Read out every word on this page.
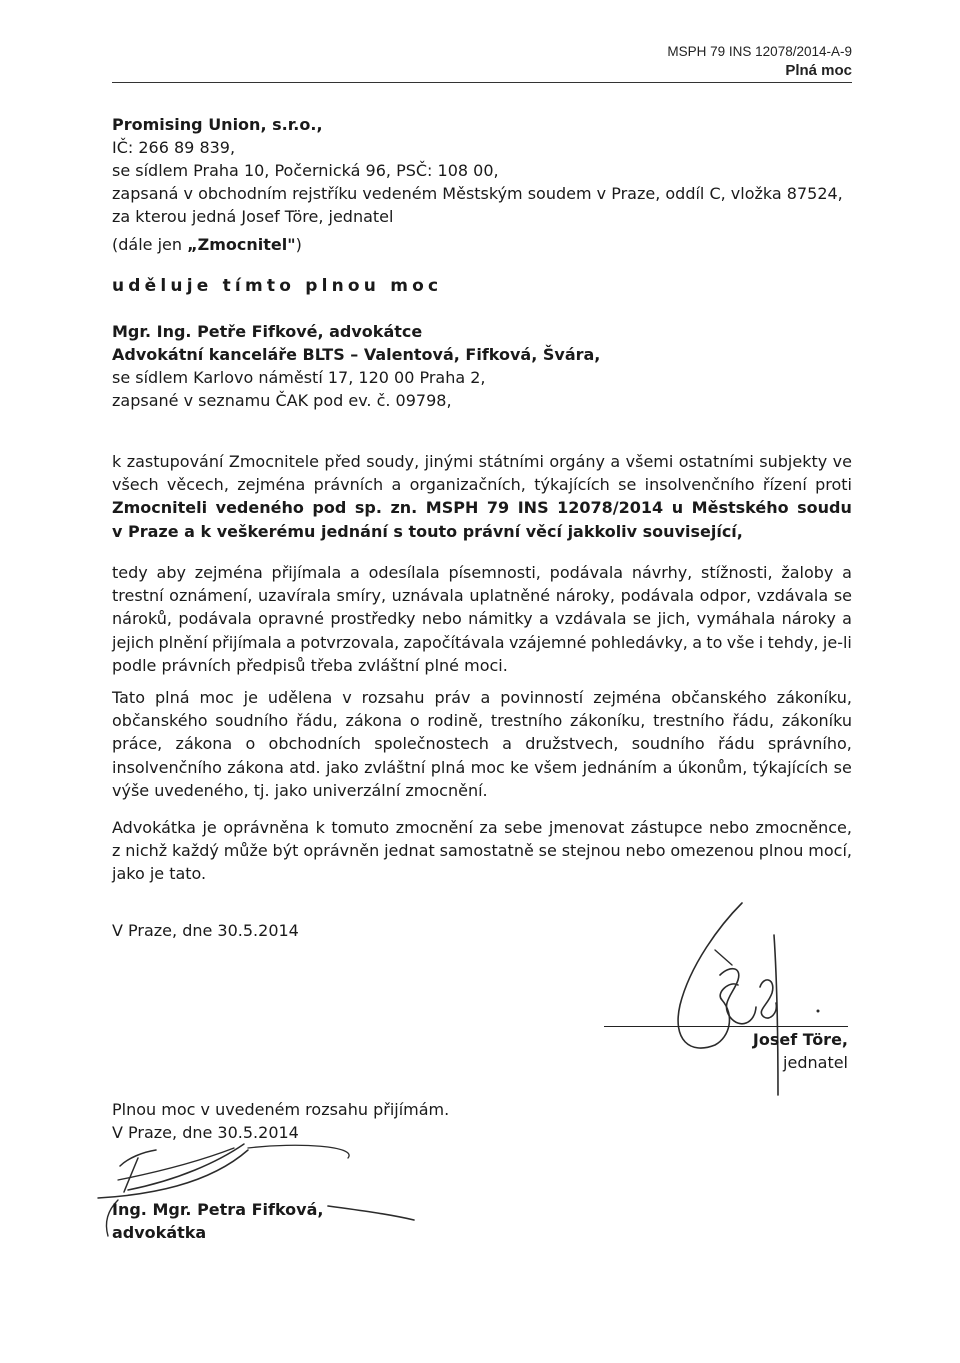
MSPH 79 INS 12078/2014-A-9
Plná moc
Promising Union, s.r.o.,
IČ: 266 89 839,
se sídlem Praha 10, Počernická 96, PSČ: 108 00,
zapsaná v obchodním rejstříku vedeném Městským soudem v Praze, oddíl C, vložka 87524,
za kterou jedná Josef Töre, jednatel
(dále jen „Zmocnitel")
uděluje tímto plnou moc
Mgr. Ing. Petře Fifkové, advokátce
Advokátní kanceláře BLTS – Valentová, Fifková, Švára,
se sídlem Karlovo náměstí 17, 120 00 Praha 2,
zapsané v seznamu ČAK pod ev. č. 09798,
k zastupování Zmocnitele před soudy, jinými státními orgány a všemi ostatními subjekty ve
všech věcech, zejména právních a organizačních, týkajících se insolvenčního řízení proti
Zmocniteli vedeného pod sp. zn. MSPH 79 INS 12078/2014 u Městského soudu
v Praze a k veškerému jednání s touto právní věcí jakkoliv související,
tedy aby zejména přijímala a odesílala písemnosti, podávala návrhy, stížnosti, žaloby a
trestní oznámení, uzavírala smíry, uznávala uplatněné nároky, podávala odpor, vzdávala se
nároků, podávala opravné prostředky nebo námitky a vzdávala se jich, vymáhala nároky a
jejich plnění přijímala a potvrzovala, započítávala vzájemné pohledávky, a to vše i tehdy, je-li
podle právních předpisů třeba zvláštní plné moci.
Tato plná moc je udělena v rozsahu práv a povinností zejména občanského zákoníku,
občanského soudního řádu, zákona o rodině, trestního zákoníku, trestního řádu, zákoníku
práce, zákona o obchodních společnostech a družstvech, soudního řádu správního,
insolvenčního zákona atd. jako zvláštní plná moc ke všem jednáním a úkonům, týkajících se
výše uvedeného, tj. jako univerzální zmocnění.
Advokátka je oprávněna k tomuto zmocnění za sebe jmenovat zástupce nebo zmocněnce,
z nichž každý může být oprávněn jednat samostatně se stejnou nebo omezenou plnou mocí,
jako je tato.
V Praze, dne 30.5.2014
Josef Töre,
jednatel
Plnou moc v uvedeném rozsahu přijímám.
V Praze, dne 30.5.2014
Ing. Mgr. Petra Fifková,
advokátka
